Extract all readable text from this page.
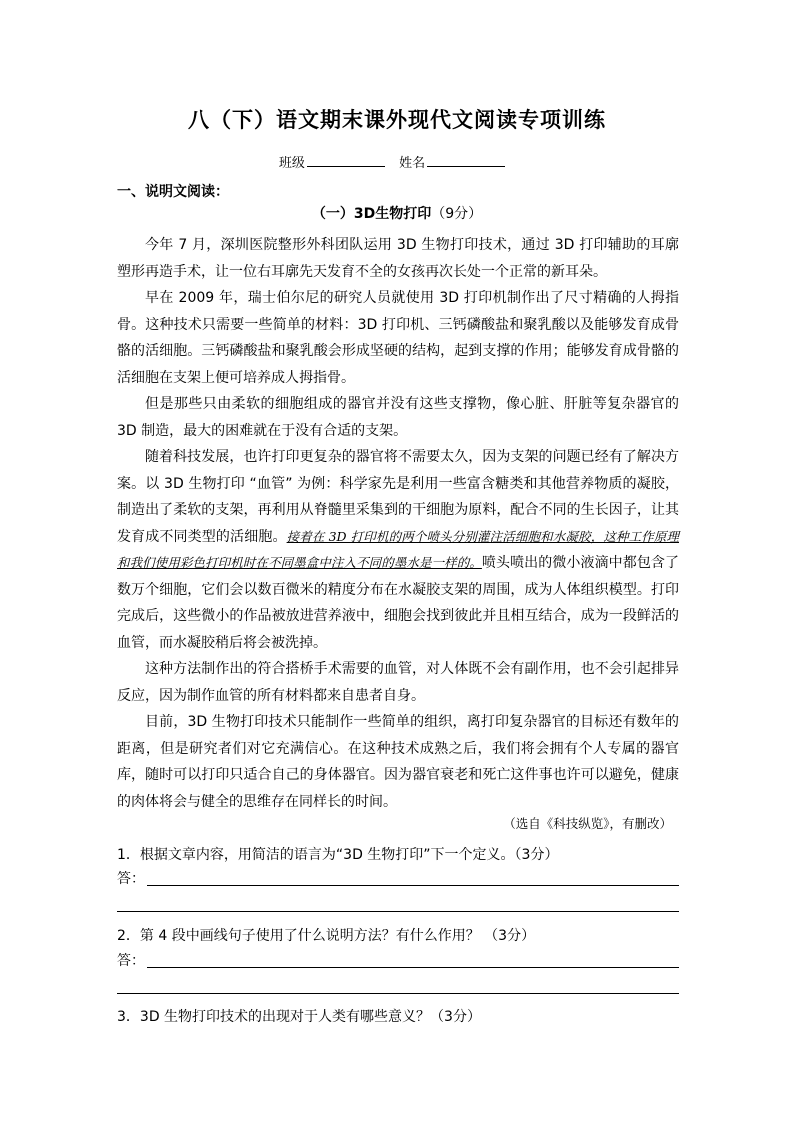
八（下）语文期末课外现代文阅读专项训练
班级	姓名
一、说明文阅读：
（一）3D生物打印（9分）

今年 7 月，深圳医院整形外科团队运用 3D 生物打印技术，通过 3D 打印辅助的耳廓塑形再造手术，让一位右耳廓先天发育不全的女孩再次长处一个正常的新耳朵。

早在 2009 年，瑞士伯尔尼的研究人员就使用 3D 打印机制作出了尺寸精确的人拇指骨。这种技术只需要一些简单的材料：3D 打印机、三钙磷酸盐和聚乳酸以及能够发育成骨骼的活细胞。三钙磷酸盐和聚乳酸会形成坚硬的结构，起到支撑的作用；能够发育成骨骼的活细胞在支架上便可培养成人拇指骨。

但是那些只由柔软的细胞组成的器官并没有这些支撑物，像心脏、肝脏等复杂器官的 3D 制造，最大的困难就在于没有合适的支架。

随着科技发展，也许打印更复杂的器官将不需要太久，因为支架的问题已经有了解决方案。以 3D 生物打印 “血管” 为例：科学家先是利用一些富含糖类和其他营养物质的凝胶，制造出了柔软的支架，再利用从脊髓里采集到的干细胞为原料，配合不同的生长因子，让其发育成不同类型的活细胞。接着在 3D 打印机的两个喷头分别灌注活细胞和水凝胶，这种工作原理和我们使用彩色打印机时在不同墨盒中注入不同的墨水是一样的。喷头喷出的微小液滴中都包含了数万个细胞，它们会以数百微米的精度分布在水凝胶支架的周围，成为人体组织模型。打印完成后，这些微小的作品被放进营养液中，细胞会找到彼此并且相互结合，成为一段鲜活的血管，而水凝胶稍后将会被洗掉。

这种方法制作出的符合搭桥手术需要的血管，对人体既不会有副作用，也不会引起排异反应，因为制作血管的所有材料都来自患者自身。

目前，3D 生物打印技术只能制作一些简单的组织，离打印复杂器官的目标还有数年的距离，但是研究者们对它充满信心。在这种技术成熟之后，我们将会拥有个人专属的器官库，随时可以打印只适合自己的身体器官。因为器官衰老和死亡这件事也许可以避免，健康的肉体将会与健全的思维存在同样长的时间。

（选自《科技纵览》，有删改）
1．根据文章内容，用简洁的语言为“3D 生物打印”下一个定义。（3分）
答：
2．第 4 段中画线句子使用了什么说明方法？有什么作用？ （3分）
答：
3．3D 生物打印技术的出现对于人类有哪些意义？（3分）
